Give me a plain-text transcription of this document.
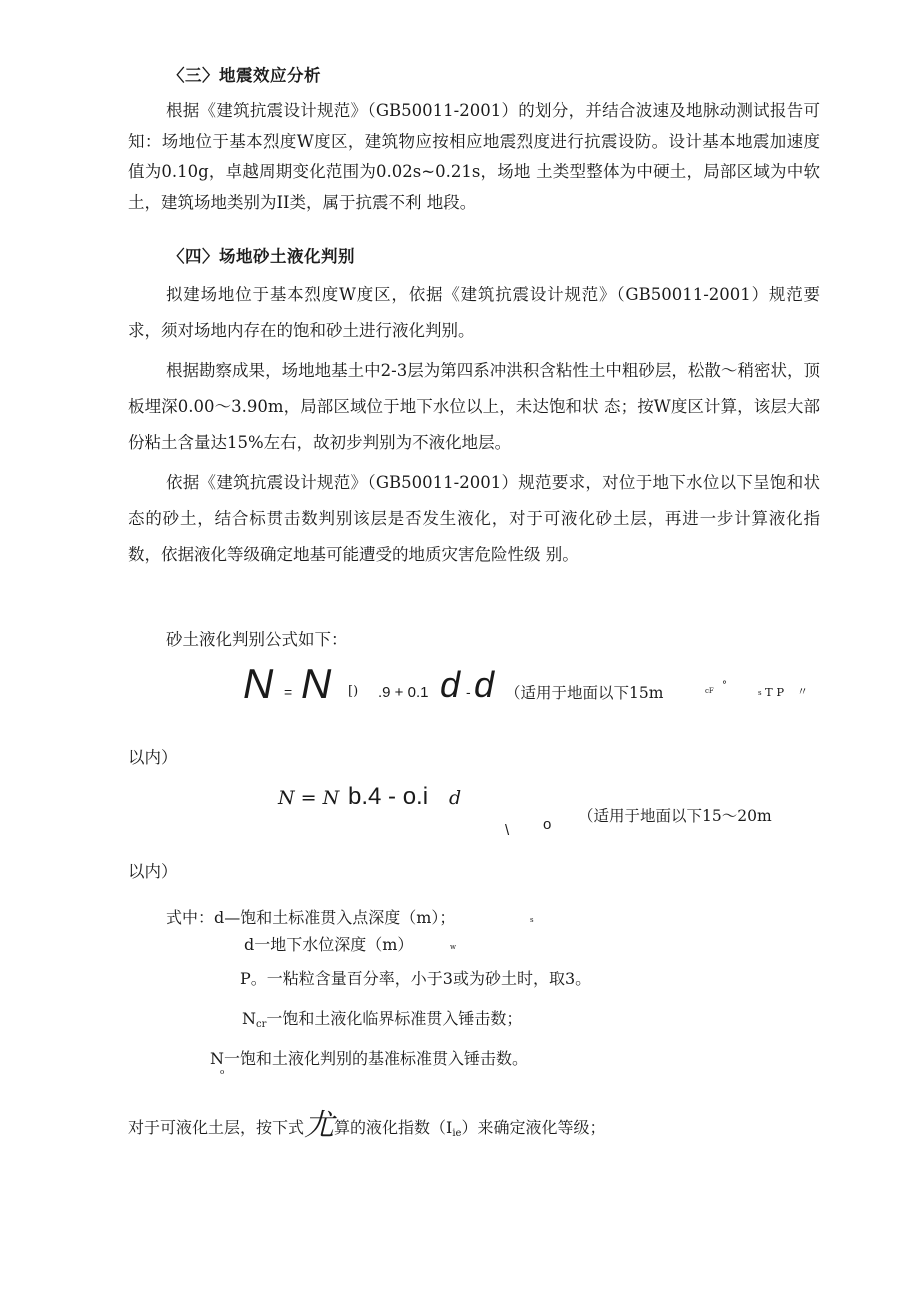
〈三〉地震效应分析
根据《建筑抗震设计规范》（GB50011-2001）的划分，并结合波速及地脉动测试报告可知：场地位于基本烈度W度区，建筑物应按相应地震烈度进行抗震设防。设计基本地震加速度值为0.10g，卓越周期变化范围为0.02s~0.21s，场地 土类型整体为中硬土，局部区域为中软土，建筑场地类别为II类，属于抗震不利 地段。
〈四〉场地砂土液化判别
拟建场地位于基本烈度W度区，依据《建筑抗震设计规范》（GB50011-2001）规范要求，须对场地内存在的饱和砂土进行液化判别。
根据勘察成果，场地地基土中2-3层为第四系冲洪积含粘性土中粗砂层，松散〜稍密状，顶板埋深0.00〜3.90m，局部区域位于地下水位以上，未达饱和状 态；按W度区计算，该层大部份粘土含量达15%左右，故初步判别为不液化地层。
依据《建筑抗震设计规范》（GB50011-2001）规范要求，对位于地下水位以下呈饱和状态的砂土，结合标贯击数判别该层是否发生液化，对于可液化砂土层，再进一步计算液化指数，依据液化等级确定地基可能遭受的地质灾害危险性级 别。
砂土液化判别公式如下：
N = N [) .9 + 0.1 d - d （适用于地面以下15m	cF °
s T P 〃
以内）
N = N b.4 - o.i d
\ o （适用于地面以下15〜20m
以内）
式中：d—饱和土标准贯入点深度（m）；	s
d一地下水位深度（m）	w
P。一粘粒含量百分率，小于3或为砂土时，取3。
Ncr一饱和土液化临界标准贯入锤击数；
N一饱和土液化判别的基准标准贯入锤击数。
o
对于可液化土层，按下式尤算的液化指数（Iie）来确定液化等级；
